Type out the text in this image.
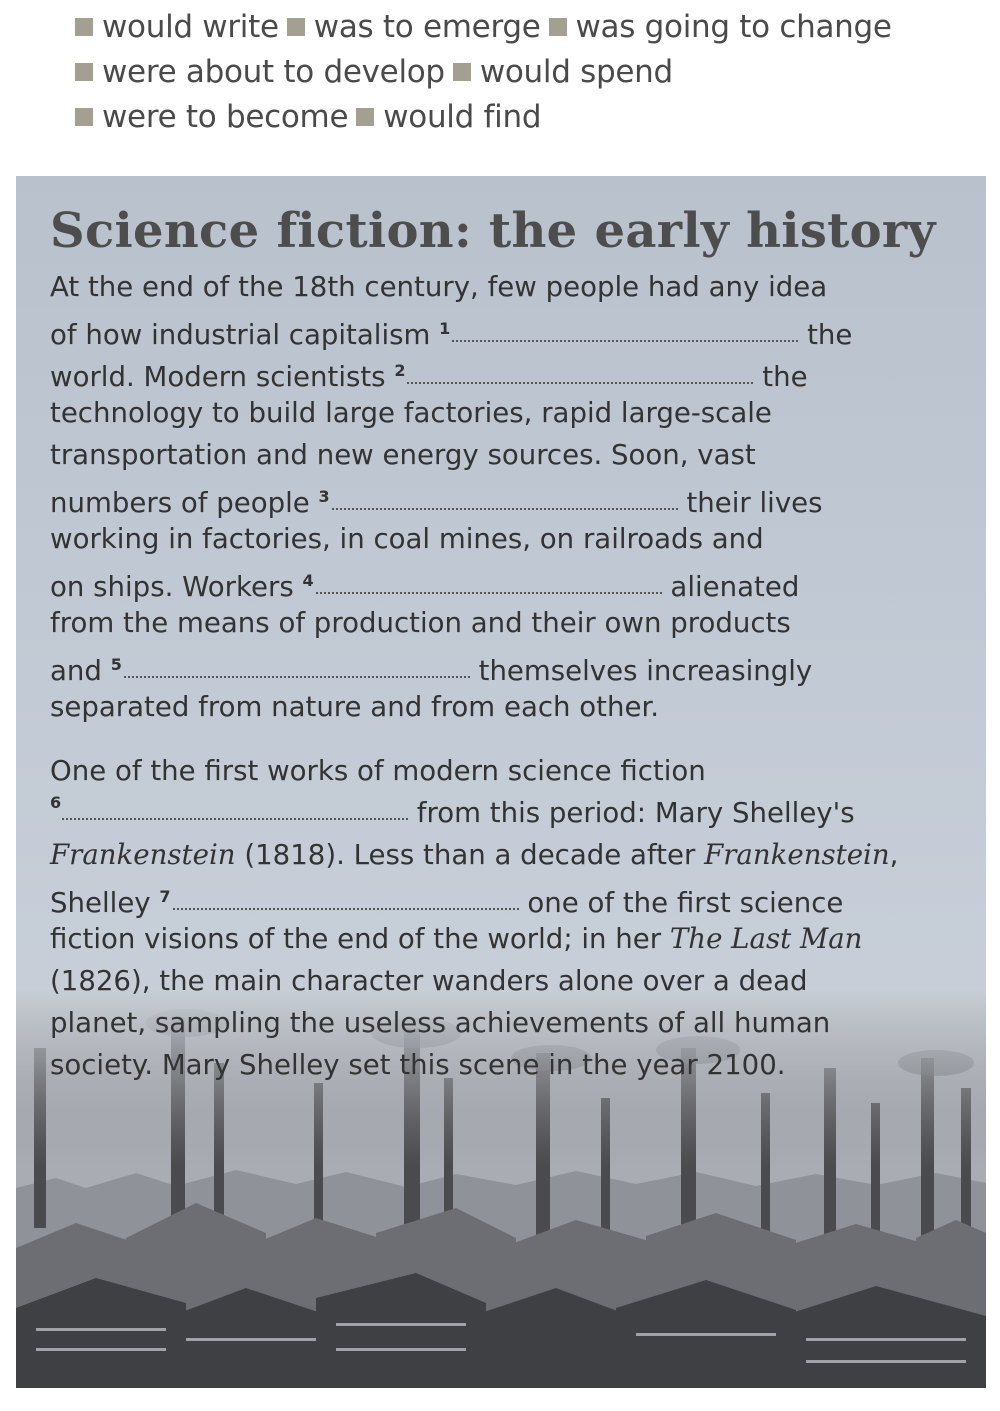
would write was to emerge was going to change
were about to develop would spend
were to become would find
Science fiction: the early history
At the end of the 18th century, few people had any idea
of how industrial capitalism $^1$	the
world. Modern scientists $^2$	the
technology to build large factories, rapid large-scale
transportation and new energy sources. Soon, vast
numbers of people $^3$	their lives
working in factories, in coal mines, on railroads and
on ships. Workers $^4$	alienated
from the means of production and their own products
and $^5$	themselves increasingly
separated from nature and from each other.
One of the first works of modern science fiction
6	from this period: Mary Shelley's
Frankenstein (1818). Less than a decade after Frankenstein,
Shelley $^7$	one of the first science
fiction visions of the end of the world; in her The Last Man
(1826), the main character wanders alone over a dead
planet, sampling the useless achievements of all human
society. Mary Shelley set this scene in the year 2100.
